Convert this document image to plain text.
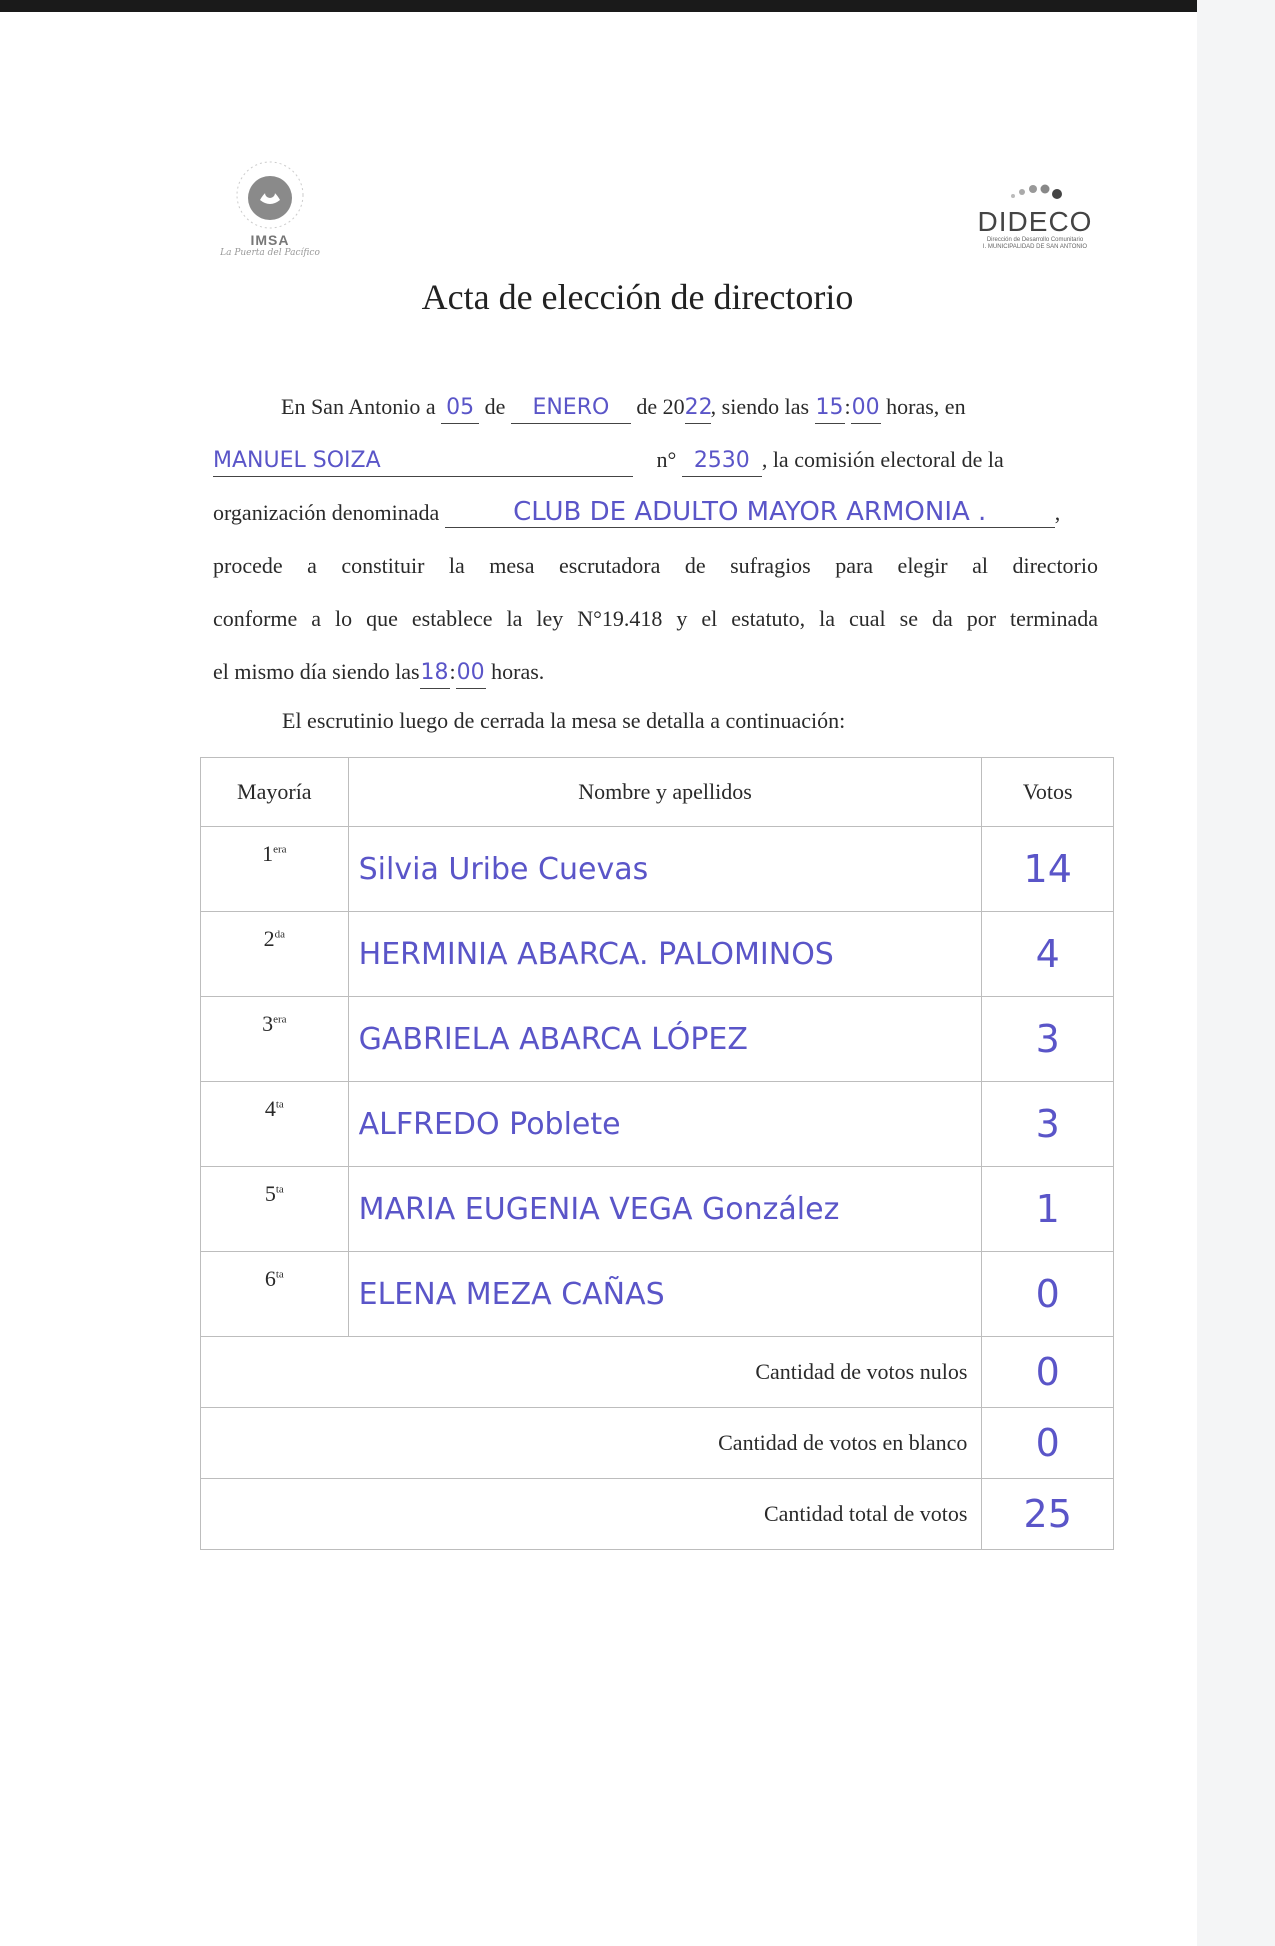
IMSA
La Puerta del Pacífico
DIDECO
Dirección de Desarrollo Comunitario
I. MUNICIPALIDAD DE SAN ANTONIO
Acta de elección de directorio
En San Antonio a 05 de ENERO de 2022, siendo las 15:00 horas, en
MANUEL SOIZA	n° 2530 , la comisión electoral de la
organización denominada	CLUB DE ADULTO MAYOR ARMONIA .	,
procede a constituir la mesa escrutadora de sufragios para elegir al directorio
conforme a lo que establece la ley N°19.418 y el estatuto, la cual se da por terminada
el mismo día siendo las18:00 horas.
El escrutinio luego de cerrada la mesa se detalla a continuación:
Mayoría	Nombre y apellidos	Votos
$1^{era}$	Silvia Uribe Cuevas	14
$2^{da}$	HERMINIA ABARCA. PALOMINOS	4
$3^{era}$	GABRIELA ABARCA LÓPEZ	3
$4^{ta}$	ALFREDO Poblete	3
$5^{ta}$	MARIA EUGENIA VEGA González	1
$6^{ta}$	ELENA MEZA CAÑAS	0
Cantidad de votos nulos		0
Cantidad de votos en blanco		0
Cantidad total de votos		25
